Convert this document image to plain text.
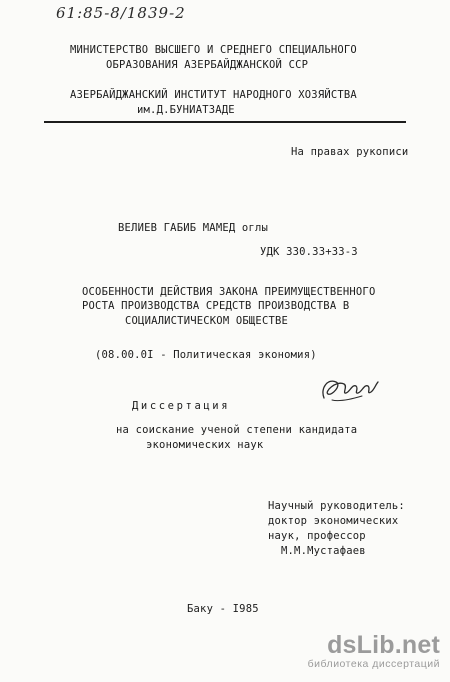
61:85-8/1839-2
МИНИСТЕРСТВО ВЫСШЕГО И СРЕДНЕГО СПЕЦИАЛЬНОГО
ОБРАЗОВАНИЯ АЗЕРБАЙДЖАНСКОЙ ССР
АЗЕРБАЙДЖАНСКИЙ ИНСТИТУТ НАРОДНОГО ХОЗЯЙСТВА
им.Д.БУНИАТЗАДЕ
На правах рукописи
ВЕЛИЕВ ГАБИБ МАМЕД оглы
УДК 330.33+33-3
ОСОБЕННОСТИ ДЕЙСТВИЯ ЗАКОНА ПРЕИМУЩЕСТВЕННОГО
РОСТА ПРОИЗВОДСТВА СРЕДСТВ ПРОИЗВОДСТВА В
СОЦИАЛИСТИЧЕСКОМ ОБЩЕСТВЕ
(08.00.0I - Политическая экономия)
Диссертация
на соискание ученой степени кандидата
экономических наук
Научный руководитель:
доктор экономических
наук, профессор
М.М.Мустафаев
Баку - I985
dsLib.net
библиотека диссертаций
